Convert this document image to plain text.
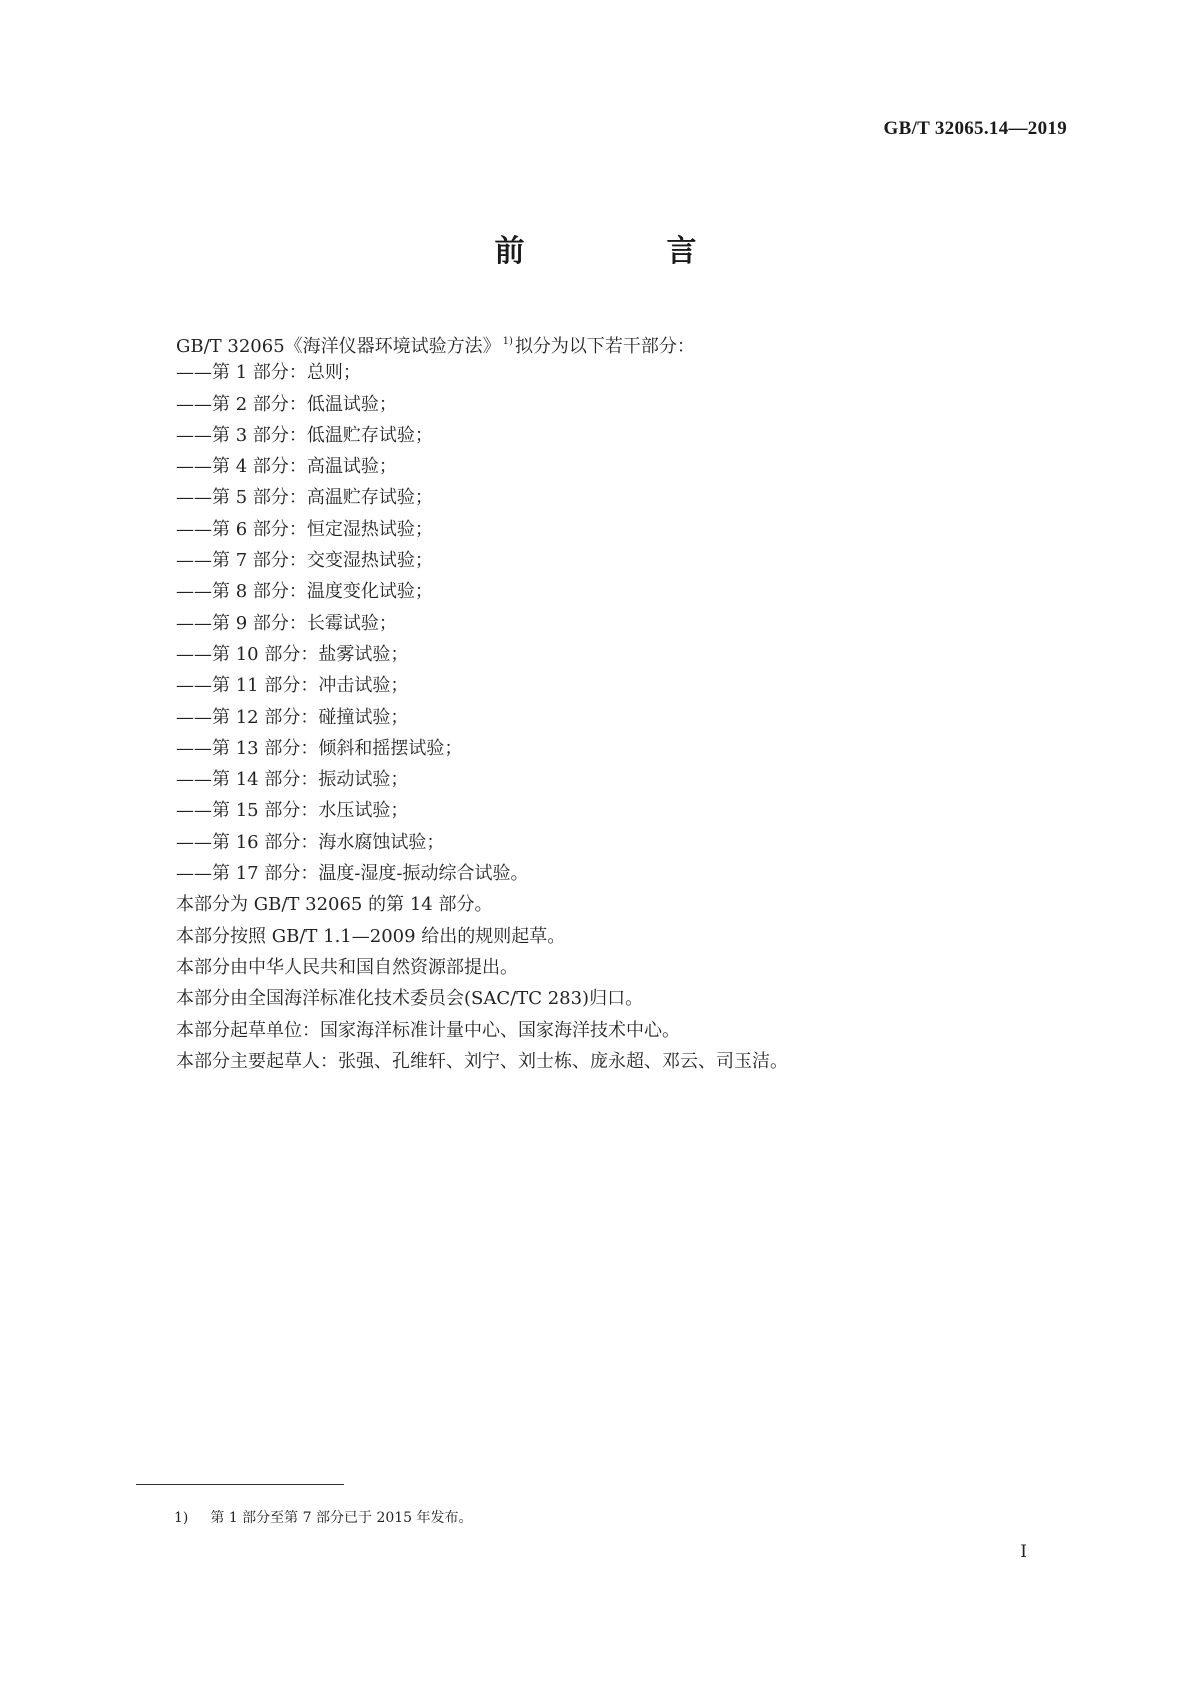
GB/T 32065.14—2019
前　言
GB/T 32065《海洋仪器环境试验方法》 $^{1)}$ 拟分为以下若干部分：
——第 1 部分：总则；
——第 2 部分：低温试验；
——第 3 部分：低温贮存试验；
——第 4 部分：高温试验；
——第 5 部分：高温贮存试验；
——第 6 部分：恒定湿热试验；
——第 7 部分：交变湿热试验；
——第 8 部分：温度变化试验；
——第 9 部分：长霉试验；
——第 10 部分：盐雾试验；
——第 11 部分：冲击试验；
——第 12 部分：碰撞试验；
——第 13 部分：倾斜和摇摆试验；
——第 14 部分：振动试验；
——第 15 部分：水压试验；
——第 16 部分：海水腐蚀试验；
——第 17 部分：温度-湿度-振动综合试验。
本部分为 GB/T 32065 的第 14 部分。
本部分按照 GB/T 1.1—2009 给出的规则起草。
本部分由中华人民共和国自然资源部提出。
本部分由全国海洋标准化技术委员会(SAC/TC 283)归口。
本部分起草单位：国家海洋标准计量中心、国家海洋技术中心。
本部分主要起草人：张强、孔维轩、刘宁、刘士栋、庞永超、邓云、司玉洁。
1) 第 1 部分至第 7 部分已于 2015 年发布。
I
